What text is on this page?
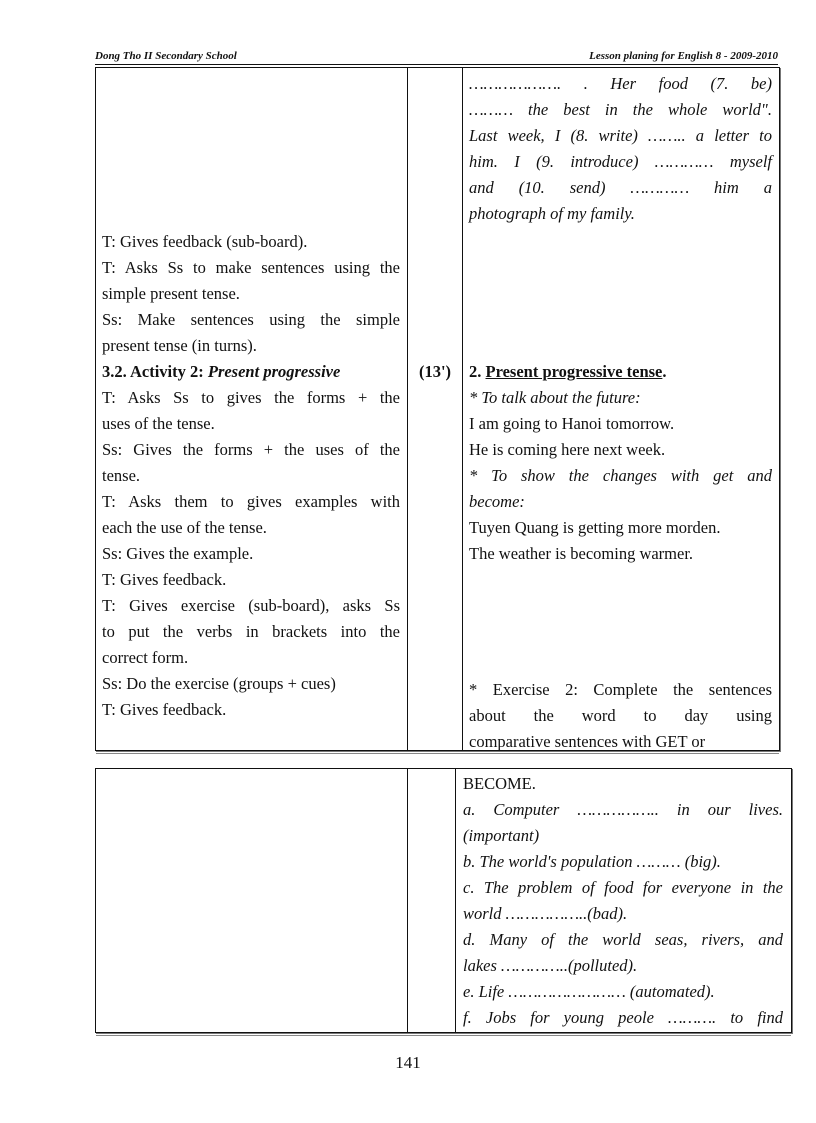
Dong Tho II Secondary School	Lesson planing for English 8 - 2009-2010
T: Gives feedback (sub-board).
T: Asks Ss to make sentences using the
simple present tense.
Ss: Make sentences using the simple
present tense (in turns).
3.2. Activity 2: Present progressive
T: Asks Ss to gives the forms + the
uses of the tense.
Ss: Gives the forms + the uses of the
tense.
T: Asks them to gives examples with
each the use of the tense.
Ss: Gives the example.
T: Gives feedback.
T: Gives exercise (sub-board), asks Ss
to put the verbs in brackets into the
correct form.
Ss: Do the exercise (groups + cues)
T: Gives feedback.
(13')
………………. . Her food (7. be)
……… the best in the whole world".
Last week, I (8. write) …….. a letter to
him. I (9. introduce) ………… myself
and (10. send) ………… him a
photograph of my family.
2. Present progressive tense.
* To talk about the future:
I am going to Hanoi tomorrow.
He is coming here next week.
* To show the changes with get and
become:
Tuyen Quang is getting more morden.
The weather is becoming warmer.
* Exercise 2: Complete the sentences
about the word to day using
comparative sentences with GET or
BECOME.
a. Computer …………….. in our lives.
(important)
b. The world's population ……… (big).
c. The problem of food for everyone in the
world ……………..(bad).
d. Many of the world seas, rivers, and
lakes …………..(polluted).
e. Life …………………… (automated).
f. Jobs for young peole ………. to find
141
